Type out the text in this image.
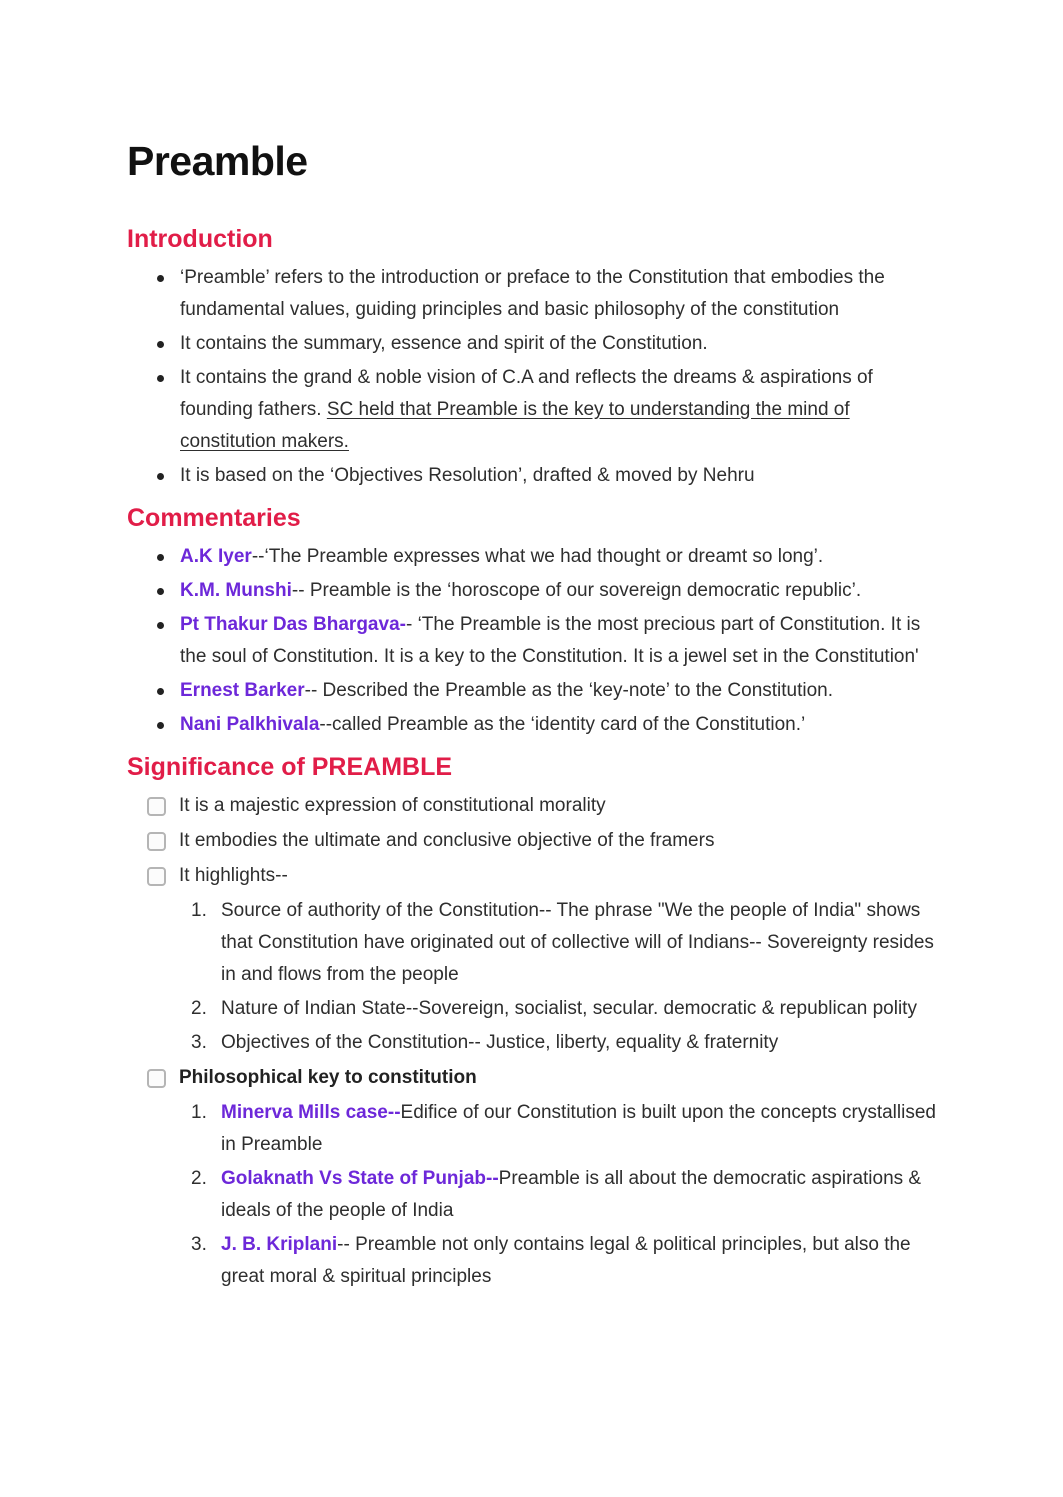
Preamble
Introduction
‘Preamble’ refers to the introduction or preface to the Constitution that embodies the fundamental values, guiding principles and basic philosophy of the constitution
It contains the summary, essence and spirit of the Constitution.
It contains the grand & noble vision of C.A and reflects the dreams & aspirations of founding fathers. SC held that Preamble is the key to understanding the mind of constitution makers.
It is based on the ‘Objectives Resolution’, drafted & moved by Nehru
Commentaries
A.K Iyer--‘The Preamble expresses what we had thought or dreamt so long’.
K.M. Munshi-- Preamble is the ‘horoscope of our sovereign democratic republic’.
Pt Thakur Das Bhargava-- ‘The Preamble is the most precious part of Constitution. It is the soul of Constitution. It is a key to the Constitution. It is a jewel set in the Constitution'
Ernest Barker-- Described the Preamble as the ‘key-note’ to the Constitution.
Nani Palkhivala--called Preamble as the ‘identity card of the Constitution.’
Significance of PREAMBLE
It is a majestic expression of constitutional morality
It embodies the ultimate and conclusive objective of the framers
It highlights--
1. Source of authority of the Constitution-- The phrase "We the people of India" shows that Constitution have originated out of collective will of Indians-- Sovereignty resides in and flows from the people
2. Nature of Indian State--Sovereign, socialist, secular. democratic & republican polity
3. Objectives of the Constitution-- Justice, liberty, equality & fraternity
Philosophical key to constitution
1. Minerva Mills case--Edifice of our Constitution is built upon the concepts crystallised in Preamble
2. Golaknath Vs State of Punjab--Preamble is all about the democratic aspirations & ideals of the people of India
3. J. B. Kriplani-- Preamble not only contains legal & political principles, but also the great moral & spiritual principles
